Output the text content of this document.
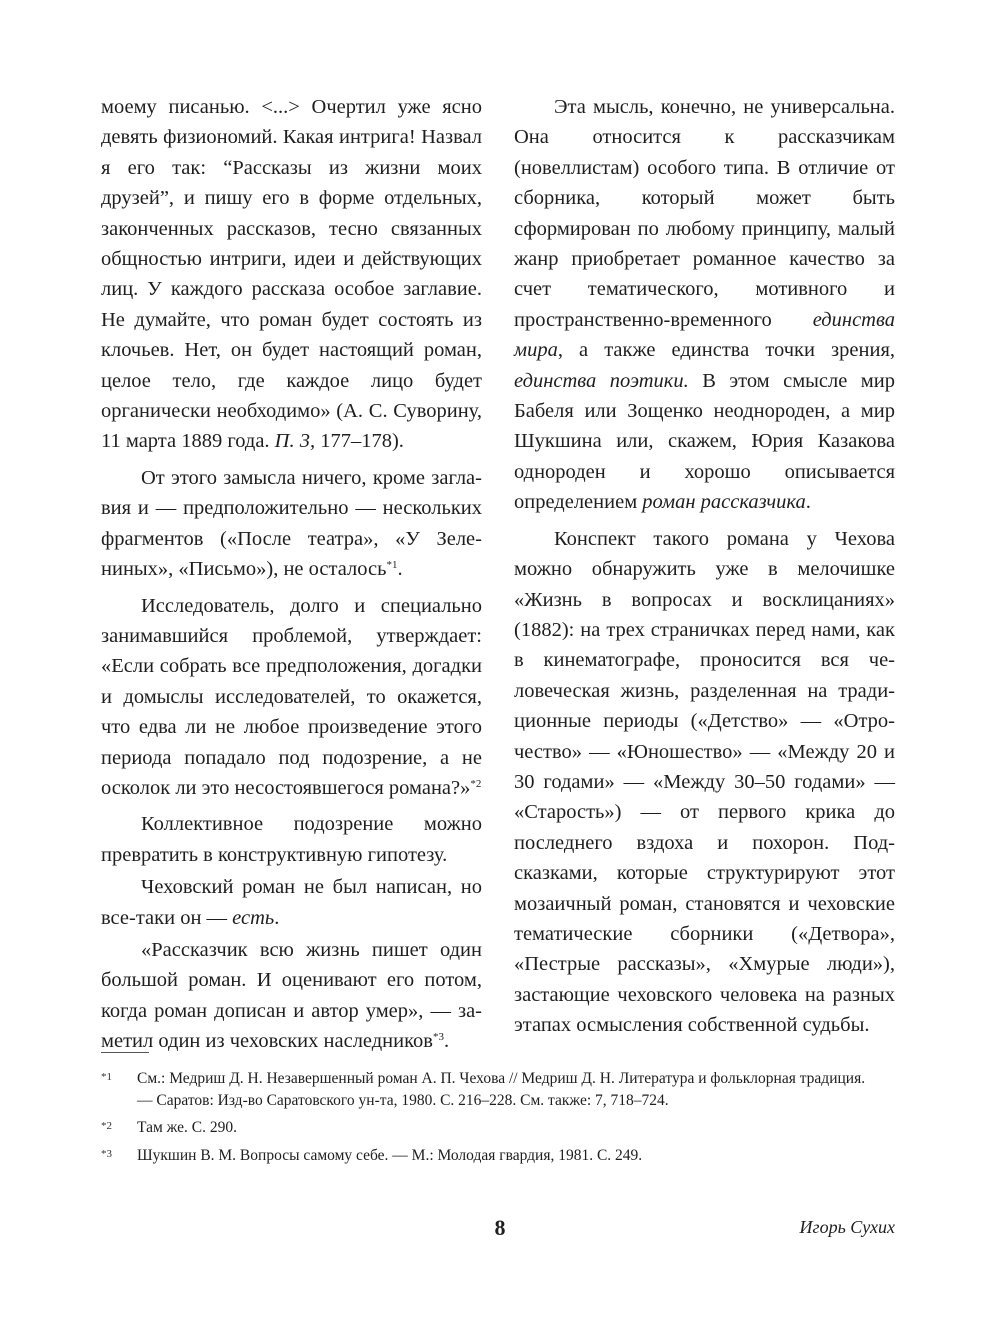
моему писанью. <...> Очертил уже ясно девять физиономий. Какая интрига! Назвал я его так: “Рассказы из жизни моих друзей”, и пишу его в форме отдельных, законченных рассказов, тесно связанных общностью интриги, идеи и действующих лиц. У каждого рассказа особое заглавие. Не думайте, что роман будет состоять из клочьев. Нет, он будет настоящий роман, целое тело, где каждое лицо будет органически необходимо» (А. С. Суворину, 11 марта 1889 года. П. 3, 177–178).

От этого замысла ничего, кроме заглавия и — предположительно — нескольких фрагментов («После театра», «У Зелениных», «Письмо»), не осталось$^{*1}$.

Исследователь, долго и специально занимавшийся проблемой, утверждает: «Если собрать все предположения, догадки и домыслы исследователей, то окажется, что едва ли не любое произведение этого периода попадало под подозрение, а не осколок ли это несостоявшегося романа?»$^{*2}$

Коллективное подозрение можно превратить в конструктивную гипотезу.

Чеховский роман не был написан, но все-таки он — есть.

«Рассказчик всю жизнь пишет один большой роман. И оценивают его потом, когда роман дописан и автор умер», — заметил один из чеховских наследников$^{*3}$.

Эта мысль, конечно, не универсальна. Она относится к рассказчикам (новеллистам) особого типа. В отличие от сборника, который может быть сформирован по любому принципу, малый жанр приобретает романное качество за счет тематического, мотивного и пространственно-временного единства мира, а также единства точки зрения, единства поэтики. В этом смысле мир Бабеля или Зощенко неоднороден, а мир Шукшина или, скажем, Юрия Казакова однороден и хорошо описывается определением роман рассказчика.

Конспект такого романа у Чехова можно обнаружить уже в мелочишке «Жизнь в вопросах и восклицаниях» (1882): на трех страничках перед нами, как в кинематографе, проносится вся человеческая жизнь, разделенная на традиционные периоды («Детство» — «Отрочество» — «Юношество» — «Между 20 и 30 годами» — «Между 30–50 годами» — «Старость») — от первого крика до последнего вздоха и похорон. Подсказками, которые структурируют этот мозаичный роман, становятся и чеховские тематические сборники («Детвора», «Пестрые рассказы», «Хмурые люди»), застающие чеховского человека на разных этапах осмысления собственной судьбы.

*1	См.: Медриш Д. Н. Незавершенный роман А. П. Чехова // Медриш Д. Н. Литература и фольклорная традиция. — Саратов: Изд-во Саратовского ун-та, 1980. С. 216–228. См. также: 7, 718–724.
*2	Там же. С. 290.
*3	Шукшин В. М. Вопросы самому себе. — М.: Молодая гвардия, 1981. С. 249.
8	Игорь Сухих
